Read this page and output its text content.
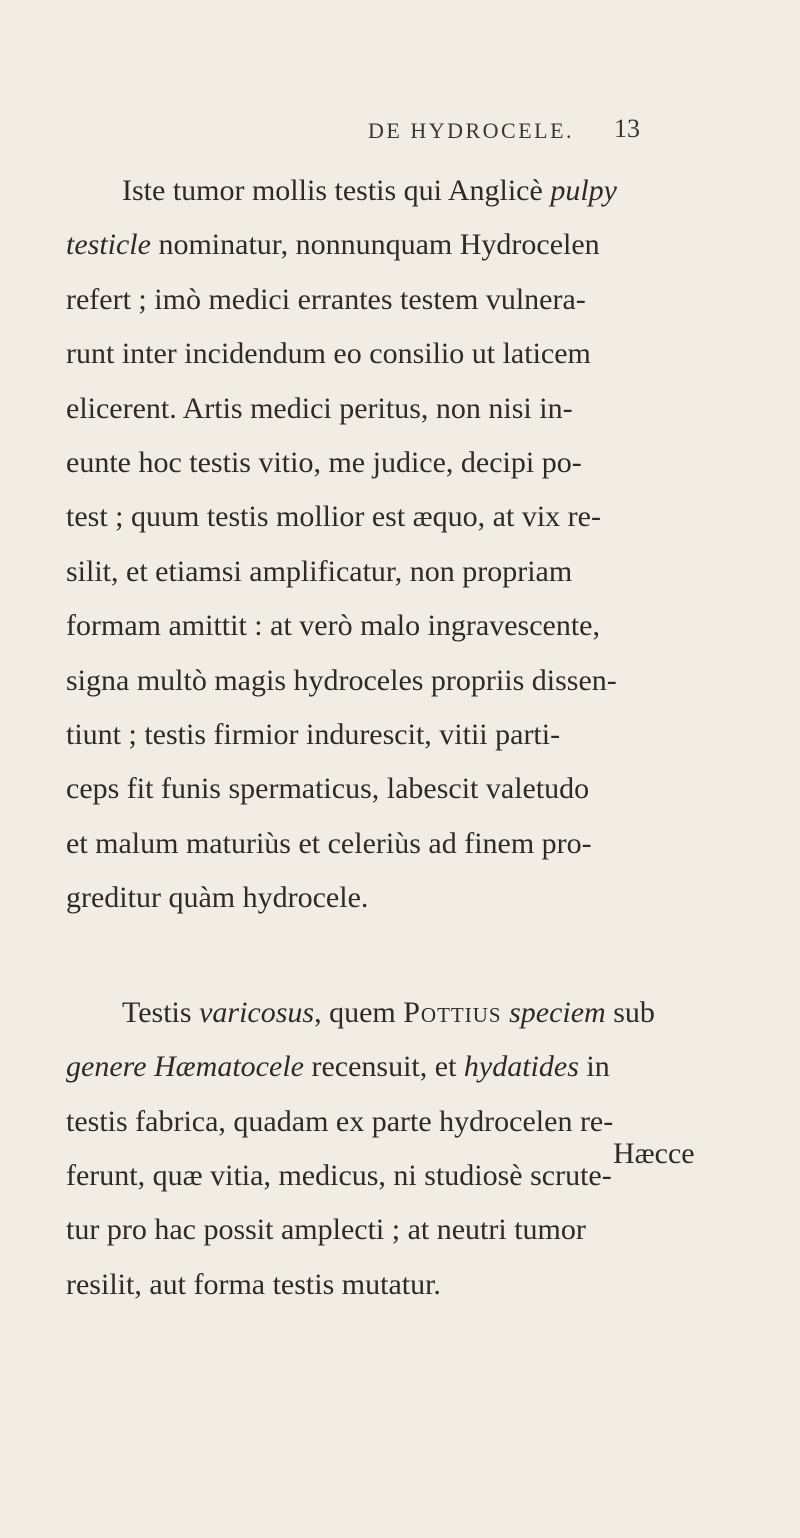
DE HYDROCELE. 13
Iste tumor mollis testis qui Anglicè pulpy
testicle nominatur, nonnunquam Hydrocelen
refert ; imò medici errantes testem vulnera-
runt inter incidendum eo consilio ut laticem
elicerent. Artis medici peritus, non nisi in-
eunte hoc testis vitio, me judice, decipi po-
test ; quum testis mollior est æquo, at vix re-
silit, et etiamsi amplificatur, non propriam
formam amittit : at verò malo ingravescente,
signa multò magis hydroceles propriis dissen-
tiunt ; testis firmior indurescit, vitii parti-
ceps fit funis spermaticus, labescit valetudo
et malum maturiùs et celeriùs ad finem pro-
greditur quàm hydrocele.
Testis varicosus, quem Pottius speciem sub
genere Hæmatocele recensuit, et hydatides in
testis fabrica, quadam ex parte hydrocelen re-
ferunt, quæ vitia, medicus, ni studiosè scrute-
tur pro hac possit amplecti ; at neutri tumor
resilit, aut forma testis mutatur.
Hæcce
